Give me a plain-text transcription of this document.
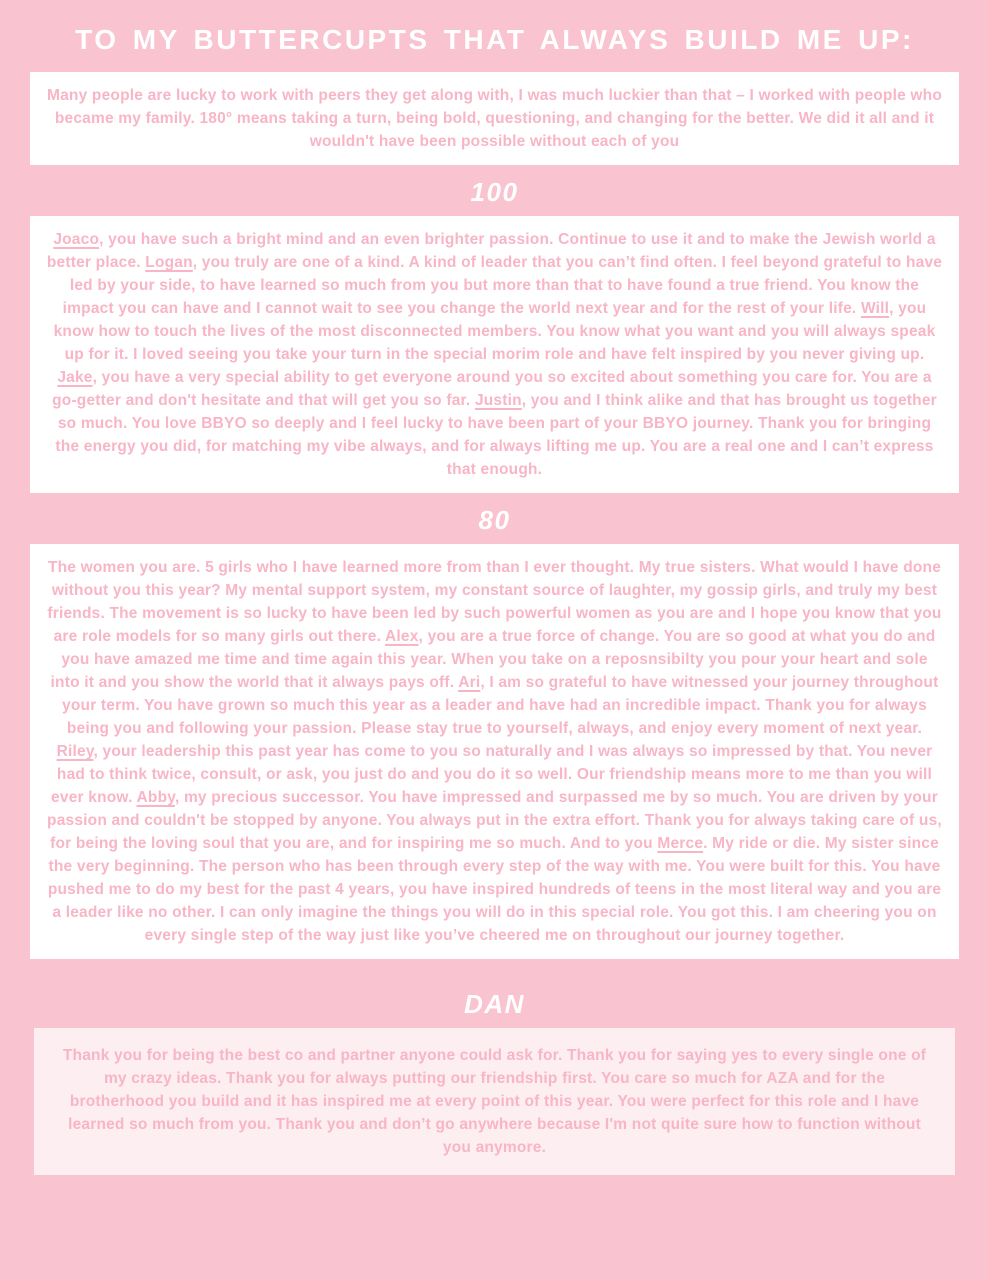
TO MY BUTTERCUPTS THAT ALWAYS BUILD ME UP:

Many people are lucky to work with peers they get along with, I was much luckier than that – I worked with people who became my family. 180° means taking a turn, being bold, questioning, and changing for the better. We did it all and it wouldn't have been possible without each of you

100

Joaco, you have such a bright mind and an even brighter passion. Continue to use it and to make the Jewish world a better place. Logan, you truly are one of a kind. A kind of leader that you can’t find often. I feel beyond grateful to have led by your side, to have learned so much from you but more than that to have found a true friend. You know the impact you can have and I cannot wait to see you change the world next year and for the rest of your life. Will, you know how to touch the lives of the most disconnected members. You know what you want and you will always speak up for it. I loved seeing you take your turn in the special morim role and have felt inspired by you never giving up. Jake, you have a very special ability to get everyone around you so excited about something you care for. You are a go-getter and don't hesitate and that will get you so far. Justin, you and I think alike and that has brought us together so much. You love BBYO so deeply and I feel lucky to have been part of your BBYO journey. Thank you for bringing the energy you did, for matching my vibe always, and for always lifting me up. You are a real one and I can’t express that enough.

80

The women you are. 5 girls who I have learned more from than I ever thought. My true sisters. What would I have done without you this year? My mental support system, my constant source of laughter, my gossip girls, and truly my best friends. The movement is so lucky to have been led by such powerful women as you are and I hope you know that you are role models for so many girls out there. Alex, you are a true force of change. You are so good at what you do and you have amazed me time and time again this year. When you take on a reposnsibilty you pour your heart and sole into it and you show the world that it always pays off. Ari, I am so grateful to have witnessed your journey throughout your term. You have grown so much this year as a leader and have had an incredible impact. Thank you for always being you and following your passion. Please stay true to yourself, always, and enjoy every moment of next year. Riley, your leadership this past year has come to you so naturally and I was always so impressed by that. You never had to think twice, consult, or ask, you just do and you do it so well. Our friendship means more to me than you will ever know. Abby, my precious successor. You have impressed and surpassed me by so much. You are driven by your passion and couldn't be stopped by anyone. You always put in the extra effort. Thank you for always taking care of us, for being the loving soul that you are, and for inspiring me so much. And to you Merce. My ride or die. My sister since the very beginning. The person who has been through every step of the way with me. You were built for this. You have pushed me to do my best for the past 4 years, you have inspired hundreds of teens in the most literal way and you are a leader like no other. I can only imagine the things you will do in this special role. You got this. I am cheering you on every single step of the way just like you’ve cheered me on throughout our journey together.

DAN

Thank you for being the best co and partner anyone could ask for. Thank you for saying yes to every single one of my crazy ideas. Thank you for always putting our friendship first. You care so much for AZA and for the brotherhood you build and it has inspired me at every point of this year. You were perfect for this role and I have learned so much from you. Thank you and don’t go anywhere because I'm not quite sure how to function without you anymore.
